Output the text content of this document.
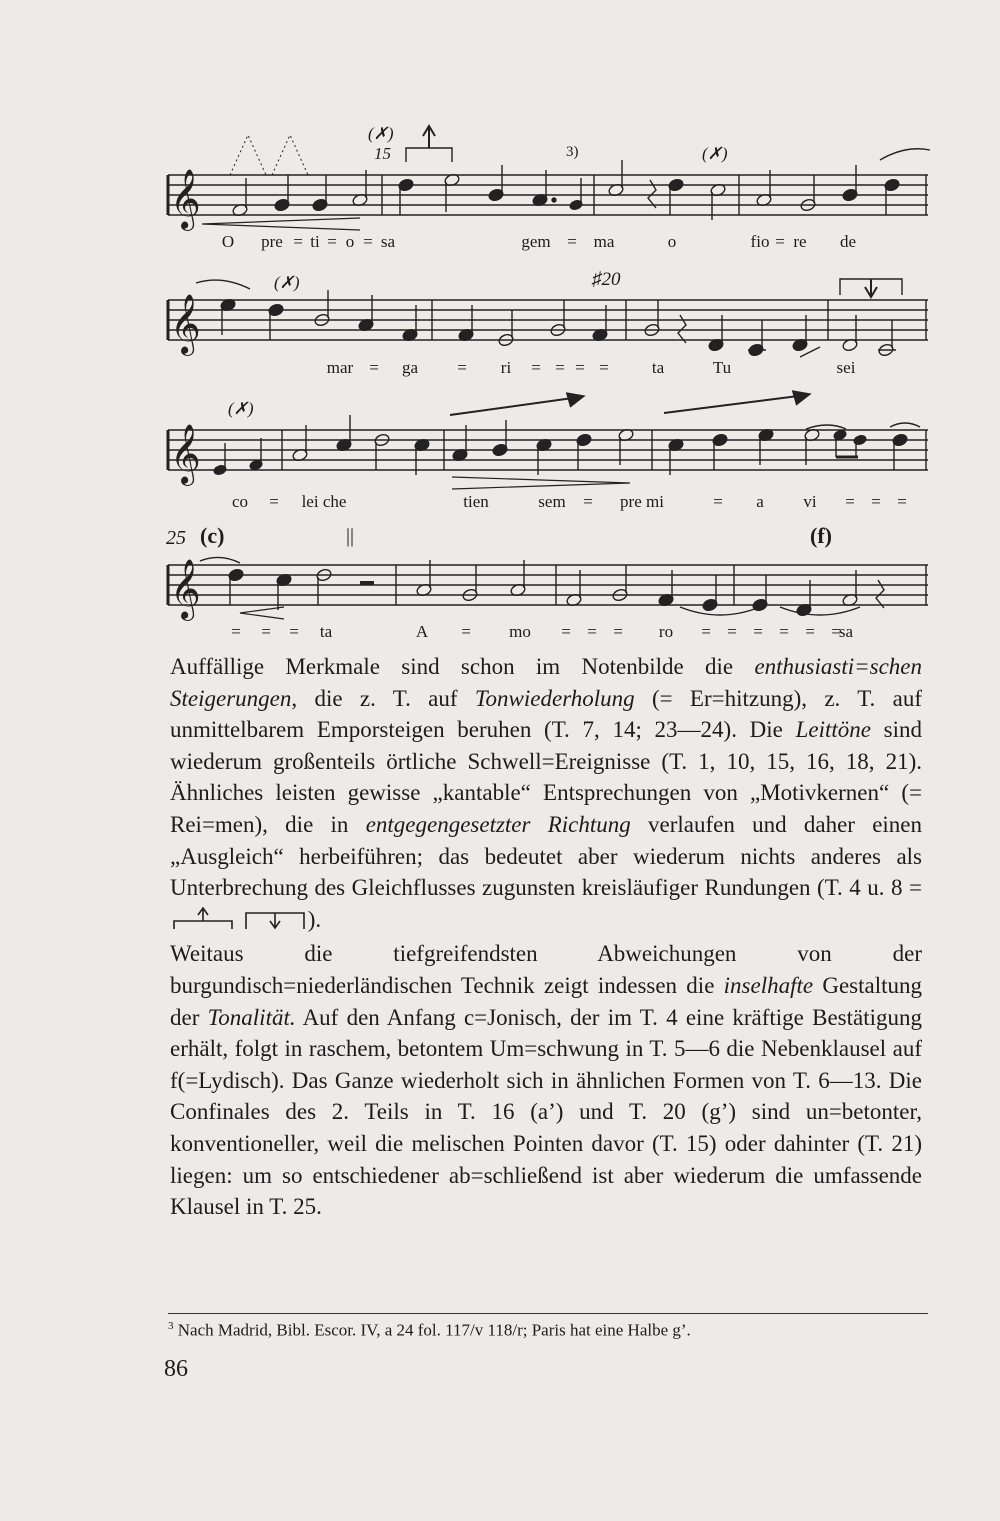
𝄞
(✗)
15	3)	(✗)
O pre = ti = o = sa	gem = ma	o	fio = re de
𝄞
(✗)	♯20
mar = ga = ri = = = =	ta	Tu	sei
𝄞
(✗)
co = lei che	tien	sem = pre mi	= a vi = = =
𝄞
25 (c)	||	(f)
= = = ta	A = mo = = = ro = = = = = =
sa

Auffällige Merkmale sind schon im Notenbilde die enthusiasti=schen Steigerungen, die z. T. auf Tonwiederholung (= Er=hitzung), z. T. auf unmittelbarem Emporsteigen beruhen (T. 7, 14; 23—24). Die Leittöne sind wiederum großenteils örtliche Schwell=Ereignisse (T. 1, 10, 15, 16, 18, 21). Ähnliches leisten gewisse „kantable“ Entsprechungen von „Motivkernen“ (= Rei=men), die in entgegengesetzter Richtung verlaufen und daher einen „Ausgleich“ herbeiführen; das bedeutet aber wiederum nichts anderes als Unterbrechung des Gleichflusses zugunsten kreisläufiger Rundungen (T. 4 u. 8 =  ).

Weitaus die tiefgreifendsten Abweichungen von der burgundisch=niederländischen Technik zeigt indessen die inselhafte Gestaltung der Tonalität. Auf den Anfang c=Jonisch, der im T. 4 eine kräftige Bestätigung erhält, folgt in raschem, betontem Um=schwung in T. 5—6 die Nebenklausel auf f(=Lydisch). Das Ganze wiederholt sich in ähnlichen Formen von T. 6—13. Die Confinales des 2. Teils in T. 16 (a’) und T. 20 (g’) sind un=betonter, konventioneller, weil die melischen Pointen davor (T. 15) oder dahinter (T. 21) liegen: um so entschiedener ab=schließend ist aber wiederum die umfassende Klausel in T. 25.

$^3$ Nach Madrid, Bibl. Escor. IV, a 24 fol. 117/v 118/r; Paris hat eine Halbe g’.
86
